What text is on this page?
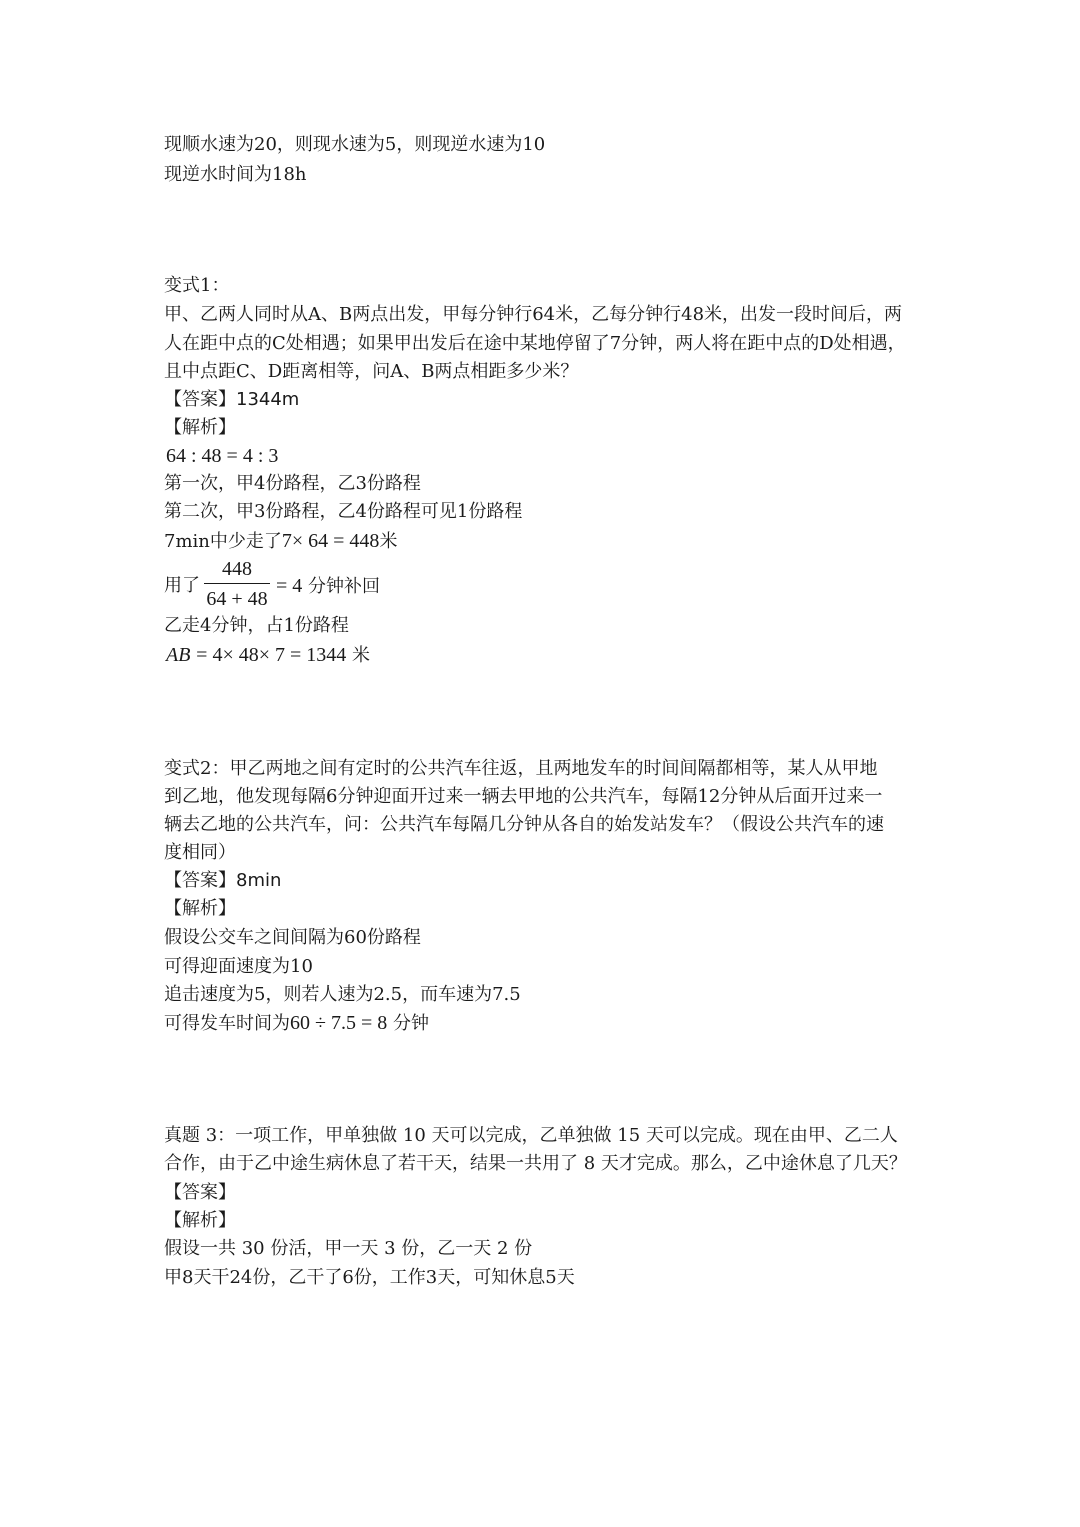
现顺水速为20，则现水速为5，则现逆水速为10
现逆水时间为18h
变式1：
甲、乙两人同时从A、B两点出发，甲每分钟行64米，乙每分钟行48米，出发一段时间后，两
人在距中点的C处相遇；如果甲出发后在途中某地停留了7分钟，两人将在距中点的D处相遇，
且中点距C、D距离相等，问A、B两点相距多少米？
【答案】1344m
【解析】
64 : 48 = 4 : 3
第一次，甲4份路程，乙3份路程
第二次，甲3份路程，乙4份路程可见1份路程
7min中少走了7× 64 = 448米
用了
448
64 + 48
= 4 分钟补回
乙走4分钟，占1份路程
AB = 4× 48× 7 = 1344 米
变式2：甲乙两地之间有定时的公共汽车往返，且两地发车的时间间隔都相等，某人从甲地
到乙地，他发现每隔6分钟迎面开过来一辆去甲地的公共汽车，每隔12分钟从后面开过来一
辆去乙地的公共汽车，问：公共汽车每隔几分钟从各自的始发站发车？（假设公共汽车的速
度相同）
【答案】8min
【解析】
假设公交车之间间隔为60份路程
可得迎面速度为10
追击速度为5，则若人速为2.5，而车速为7.5
可得发车时间为60 ÷ 7.5 = 8 分钟
真题 3：一项工作，甲单独做 10 天可以完成，乙单独做 15 天可以完成。现在由甲、乙二人
合作，由于乙中途生病休息了若干天，结果一共用了 8 天才完成。那么，乙中途休息了几天？
【答案】
【解析】
假设一共 30 份活，甲一天 3 份，乙一天 2 份
甲8天干24份，乙干了6份，工作3天，可知休息5天
